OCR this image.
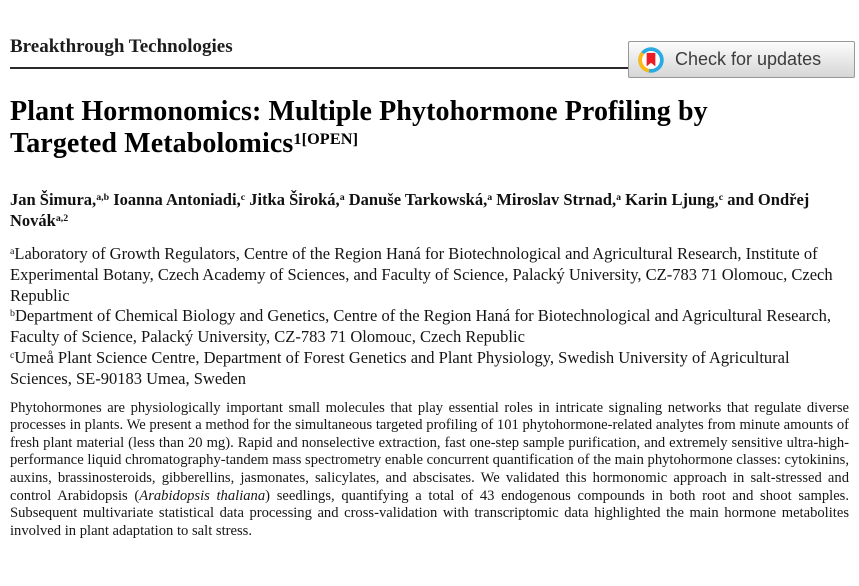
Check for updates
Breakthrough Technologies
Plant Hormonomics: Multiple Phytohormone Profiling by Targeted Metabolomics$^{1[OPEN]}$

Jan Šimura,$^{a,b}$ Ioanna Antoniadi,$^c$ Jitka Široká,$^a$ Danuše Tarkowská,$^a$ Miroslav Strnad,$^a$ Karin Ljung,$^c$ and Ondřej Novák$^{a,2}$

$^a$Laboratory of Growth Regulators, Centre of the Region Haná for Biotechnological and Agricultural Research, Institute of Experimental Botany, Czech Academy of Sciences, and Faculty of Science, Palacký University, CZ-783 71 Olomouc, Czech Republic

$^b$Department of Chemical Biology and Genetics, Centre of the Region Haná for Biotechnological and Agricultural Research, Faculty of Science, Palacký University, CZ-783 71 Olomouc, Czech Republic

$^c$Umeå Plant Science Centre, Department of Forest Genetics and Plant Physiology, Swedish University of Agricultural Sciences, SE-90183 Umea, Sweden

Phytohormones are physiologically important small molecules that play essential roles in intricate signaling networks that regulate diverse processes in plants. We present a method for the simultaneous targeted profiling of 101 phytohormone-related analytes from minute amounts of fresh plant material (less than 20 mg). Rapid and nonselective extraction, fast one-step sample purification, and extremely sensitive ultra-high-performance liquid chromatography-tandem mass spectrometry enable concurrent quantification of the main phytohormone classes: cytokinins, auxins, brassinosteroids, gibberellins, jasmonates, salicylates, and abscisates. We validated this hormonomic approach in salt-stressed and control Arabidopsis (Arabidopsis thaliana) seedlings, quantifying a total of 43 endogenous compounds in both root and shoot samples. Subsequent multivariate statistical data processing and cross-validation with transcriptomic data highlighted the main hormone metabolites involved in plant adaptation to salt stress.
